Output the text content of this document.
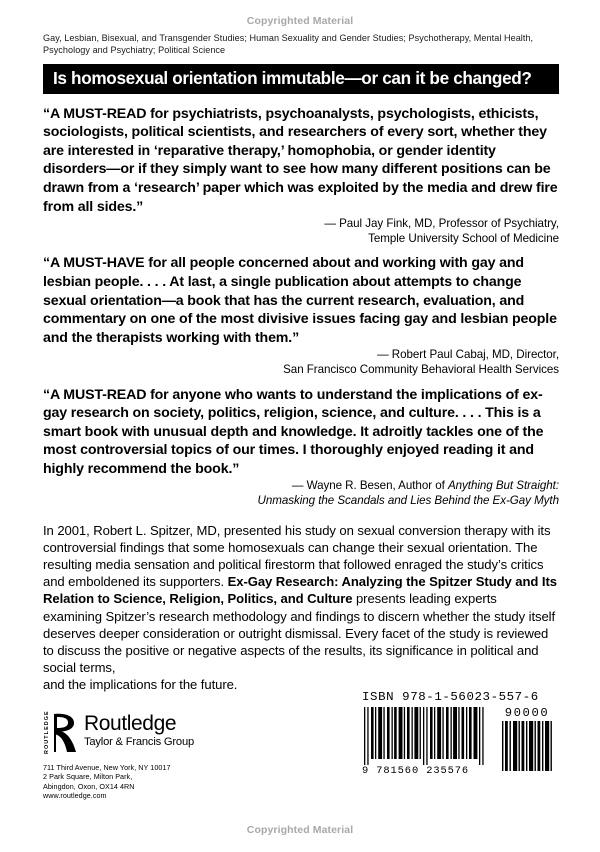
Copyrighted Material

Gay, Lesbian, Bisexual, and Transgender Studies; Human Sexuality and Gender Studies; Psychotherapy, Mental Health, Psychology and Psychiatry; Political Science

Is homosexual orientation immutable—or can it be changed?

“A MUST-READ for psychiatrists, psychoanalysts, psychologists, ethicists, sociologists, political scientists, and researchers of every sort, whether they are interested in ‘reparative therapy,’ homophobia, or gender identity disorders—or if they simply want to see how many different positions can be drawn from a ‘research’ paper which was exploited by the media and drew fire from all sides.”

— Paul Jay Fink, MD, Professor of Psychiatry,
Temple University School of Medicine

“A MUST-HAVE for all people concerned about and working with gay and lesbian people. . . . At last, a single publication about attempts to change sexual orientation—a book that has the current research, evaluation, and commentary on one of the most divisive issues facing gay and lesbian people and the therapists working with them.”

— Robert Paul Cabaj, MD, Director,
San Francisco Community Behavioral Health Services

“A MUST-READ for anyone who wants to understand the implications of ex-gay research on society, politics, religion, science, and culture. . . . This is a smart book with unusual depth and knowledge. It adroitly tackles one of the most controversial topics of our times. I thoroughly enjoyed reading it and highly recommend the book.”

— Wayne R. Besen, Author of Anything But Straight:
Unmasking the Scandals and Lies Behind the Ex-Gay Myth
In 2001, Robert L. Spitzer, MD, presented his study on sexual conversion therapy with its controversial findings that some homosexuals can change their sexual orientation. The resulting media sensation and political firestorm that followed enraged the study’s critics and emboldened its supporters. Ex-Gay Research: Analyzing the Spitzer Study and Its Relation to Science, Religion, Politics, and Culture presents leading experts examining Spitzer’s research methodology and findings to discern whether the study itself deserves deeper consideration or outright dismissal. Every facet of the study is reviewed to discuss the positive or negative aspects of the results, its significance in political and social terms,
and the implications for the future.
ROUTLEDGE Routledge
Taylor & Francis Group
711 Third Avenue, New York, NY 10017
2 Park Square, Milton Park,
Abingdon, Oxon, OX14 4RN
www.routledge.com
ISBN 978-1-56023-557-6
9 781560 235576
90000
Copyrighted Material
